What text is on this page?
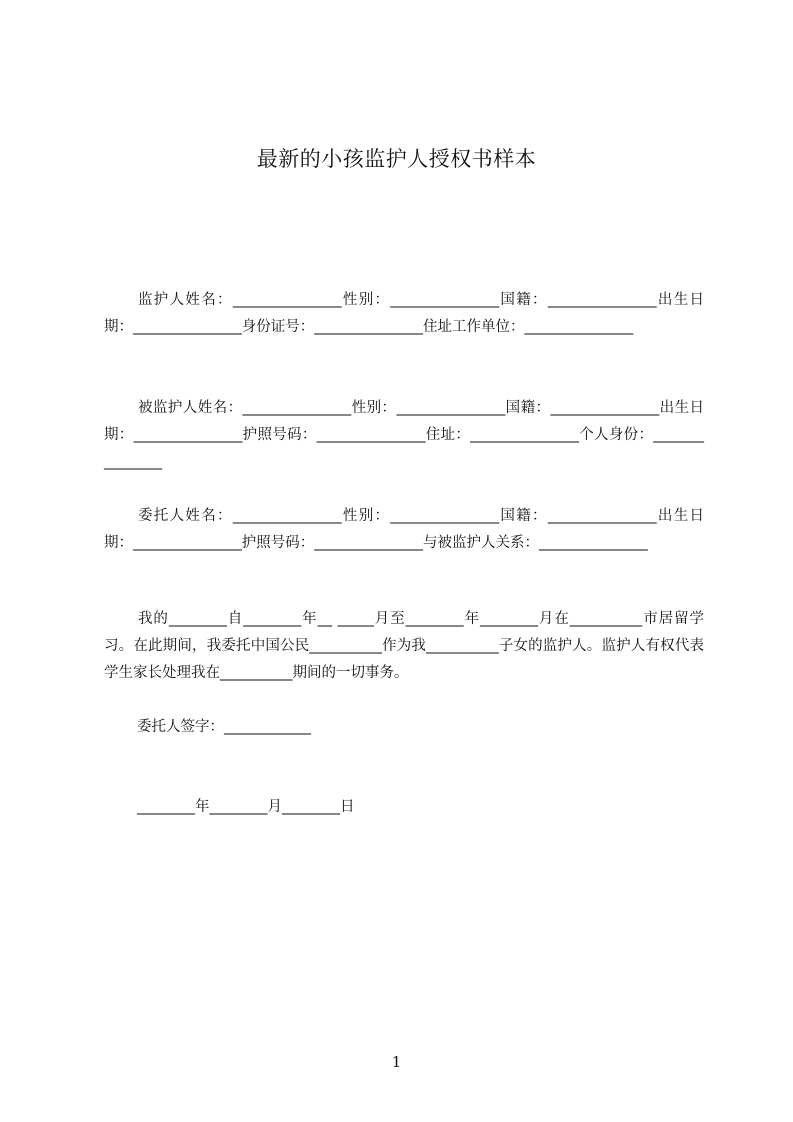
最新的小孩监护人授权书样本
监护人姓名：_______________性别：_______________国籍：_______________出生日期：_______________身份证号：_______________住址工作单位：_______________
被监护人姓名：_______________性别：_______________国籍：_______________出生日期：_______________护照号码：_______________住址：_______________个人身份：_______________
委托人姓名：_______________性别：_______________国籍：_______________出生日期：_______________护照号码：_______________与被监护人关系：_______________
我的________自________年__ _____月至________年________月在__________市居留学习。在此期间，我委托中国公民__________作为我__________子女的监护人。监护人有权代表学生家长处理我在__________期间的一切事务。
委托人签字：____________
________年________月________日
1
